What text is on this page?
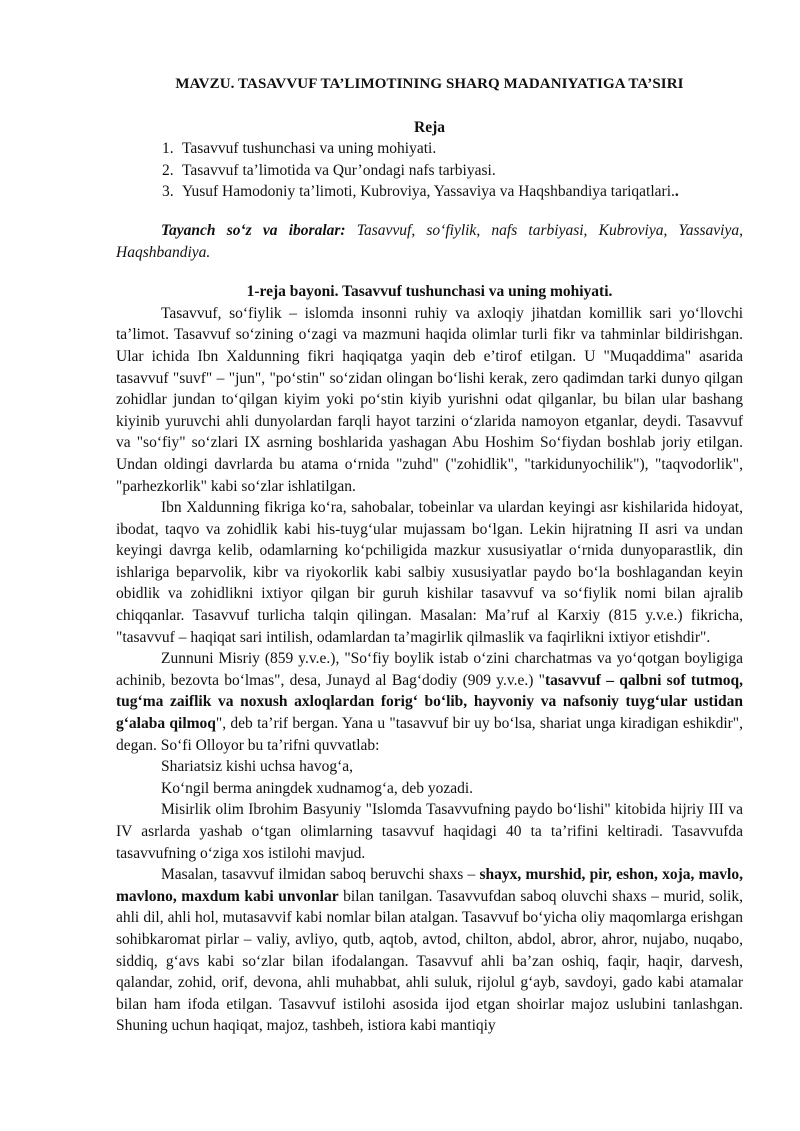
MAVZU. TASAVVUF TA’LIMOTINING SHARQ MADANIYATIGA TA’SIRI
Reja
1. Tasavvuf tushunchasi va uning mohiyati.
2. Tasavvuf ta’limotida va Qur’ondagi nafs tarbiyasi.
3. Yusuf Hamodoniy ta’limoti, Kubroviya, Yassaviya va Haqshbandiya tariqatlari..
Tayanch so‘z va iboralar: Tasavvuf, so‘fiylik, nafs tarbiyasi, Kubroviya, Yassaviya, Haqshbandiya.
1-reja bayoni. Tasavvuf tushunchasi va uning mohiyati.

Tasavvuf, so‘fiylik – islomda insonni ruhiy va axloqiy jihatdan komillik sari yo‘llovchi ta’limot. Tasavvuf so‘zining o‘zagi va mazmuni haqida olimlar turli fikr va tahminlar bildirishgan. Ular ichida Ibn Xaldunning fikri haqiqatga yaqin deb e’tirof etilgan. U "Muqaddima" asarida tasavvuf "suvf" – "jun", "po‘stin" so‘zidan olingan bo‘lishi kerak, zero qadimdan tarki dunyo qilgan zohidlar jundan to‘qilgan kiyim yoki po‘stin kiyib yurishni odat qilganlar, bu bilan ular bashang kiyinib yuruvchi ahli dunyolardan farqli hayot tarzini o‘zlarida namoyon etganlar, deydi. Tasavvuf va "so‘fiy" so‘zlari IX asrning boshlarida yashagan Abu Hoshim So‘fiydan boshlab joriy etilgan. Undan oldingi davrlarda bu atama o‘rnida "zuhd" ("zohidlik", "tarkidunyochilik"), "taqvodorlik", "parhezkorlik" kabi so‘zlar ishlatilgan.

Ibn Xaldunning fikriga ko‘ra, sahobalar, tobeinlar va ulardan keyingi asr kishilarida hidoyat, ibodat, taqvo va zohidlik kabi his-tuyg‘ular mujassam bo‘lgan. Lekin hijratning II asri va undan keyingi davrga kelib, odamlarning ko‘pchiligida mazkur xususiyatlar o‘rnida dunyoparastlik, din ishlariga beparvolik, kibr va riyokorlik kabi salbiy xususiyatlar paydo bo‘la boshlagandan keyin obidlik va zohidlikni ixtiyor qilgan bir guruh kishilar tasavvuf va so‘fiylik nomi bilan ajralib chiqqanlar. Tasavvuf turlicha talqin qilingan. Masalan: Ma’ruf al Karxiy (815 y.v.e.) fikricha, "tasavvuf – haqiqat sari intilish, odamlardan ta’magirlik qilmaslik va faqirlikni ixtiyor etishdir".

Zunnuni Misriy (859 y.v.e.), "So‘fiy boylik istab o‘zini charchatmas va yo‘qotgan boyligiga achinib, bezovta bo‘lmas", desa, Junayd al Bag‘dodiy (909 y.v.e.) "tasavvuf – qalbni sof tutmoq, tug‘ma zaiflik va noxush axloqlardan forig‘ bo‘lib, hayvoniy va nafsoniy tuyg‘ular ustidan g‘alaba qilmoq", deb ta’rif bergan. Yana u "tasavvuf bir uy bo‘lsa, shariat unga kiradigan eshikdir", degan. So‘fi Olloyor bu ta’rifni quvvatlab:

Shariatsiz kishi uchsa havog‘a,

Ko‘ngil berma aningdek xudnamog‘a, deb yozadi.

Misirlik olim Ibrohim Basyuniy "Islomda Tasavvufning paydo bo‘lishi" kitobida hijriy III va IV asrlarda yashab o‘tgan olimlarning tasavvuf haqidagi 40 ta ta’rifini keltiradi. Tasavvufda tasavvufning o‘ziga xos istilohi mavjud.

Masalan, tasavvuf ilmidan saboq beruvchi shaxs – shayx, murshid, pir, eshon, xoja, mavlo, mavlono, maxdum kabi unvonlar bilan tanilgan. Tasavvufdan saboq oluvchi shaxs – murid, solik, ahli dil, ahli hol, mutasavvif kabi nomlar bilan atalgan. Tasavvuf bo‘yicha oliy maqomlarga erishgan sohibkaromat pirlar – valiy, avliyo, qutb, aqtob, avtod, chilton, abdol, abror, ahror, nujabo, nuqabo, siddiq, g‘avs kabi so‘zlar bilan ifodalangan. Tasavvuf ahli ba’zan oshiq, faqir, haqir, darvesh, qalandar, zohid, orif, devona, ahli muhabbat, ahli suluk, rijolul g‘ayb, savdoyi, gado kabi atamalar bilan ham ifoda etilgan. Tasavvuf istilohi asosida ijod etgan shoirlar majoz uslubini tanlashgan. Shuning uchun haqiqat, majoz, tashbeh, istiora kabi mantiqiy
